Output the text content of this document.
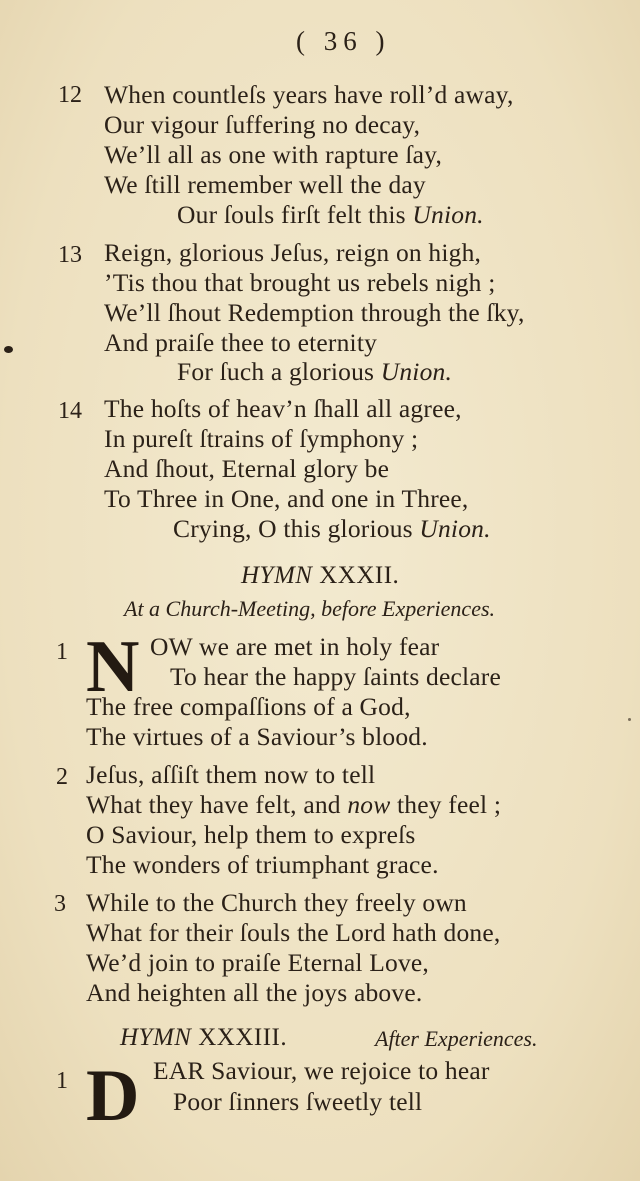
( 36 )
12 When countleſs years have roll’d away,
Our vigour ſuffering no decay,
We’ll all as one with rapture ſay,
We ſtill remember well the day
Our ſouls firſt felt this Union.
13 Reign, glorious Jeſus, reign on high,
’Tis thou that brought us rebels nigh ;
We’ll ſhout Redemption through the ſky,
And praiſe thee to eternity
For ſuch a glorious Union.
14 The hoſts of heav’n ſhall all agree,
In pureſt ſtrains of ſymphony ;
And ſhout, Eternal glory be
To Three in One, and one in Three,
Crying, O this glorious Union.
HYMN XXXII.
At a Church-Meeting, before Experiences.
1 N OW we are met in holy fear
To hear the happy ſaints declare
The free compaſſions of a God,
The virtues of a Saviour’s blood.
2 Jeſus, aſſiſt them now to tell
What they have felt, and now they feel ;
O Saviour, help them to expreſs
The wonders of triumphant grace.
3 While to the Church they freely own
What for their ſouls the Lord hath done,
We’d join to praiſe Eternal Love,
And heighten all the joys above.
HYMN XXXIII.	After Experiences.
1 D EAR Saviour, we rejoice to hear
Poor ſinners ſweetly tell
